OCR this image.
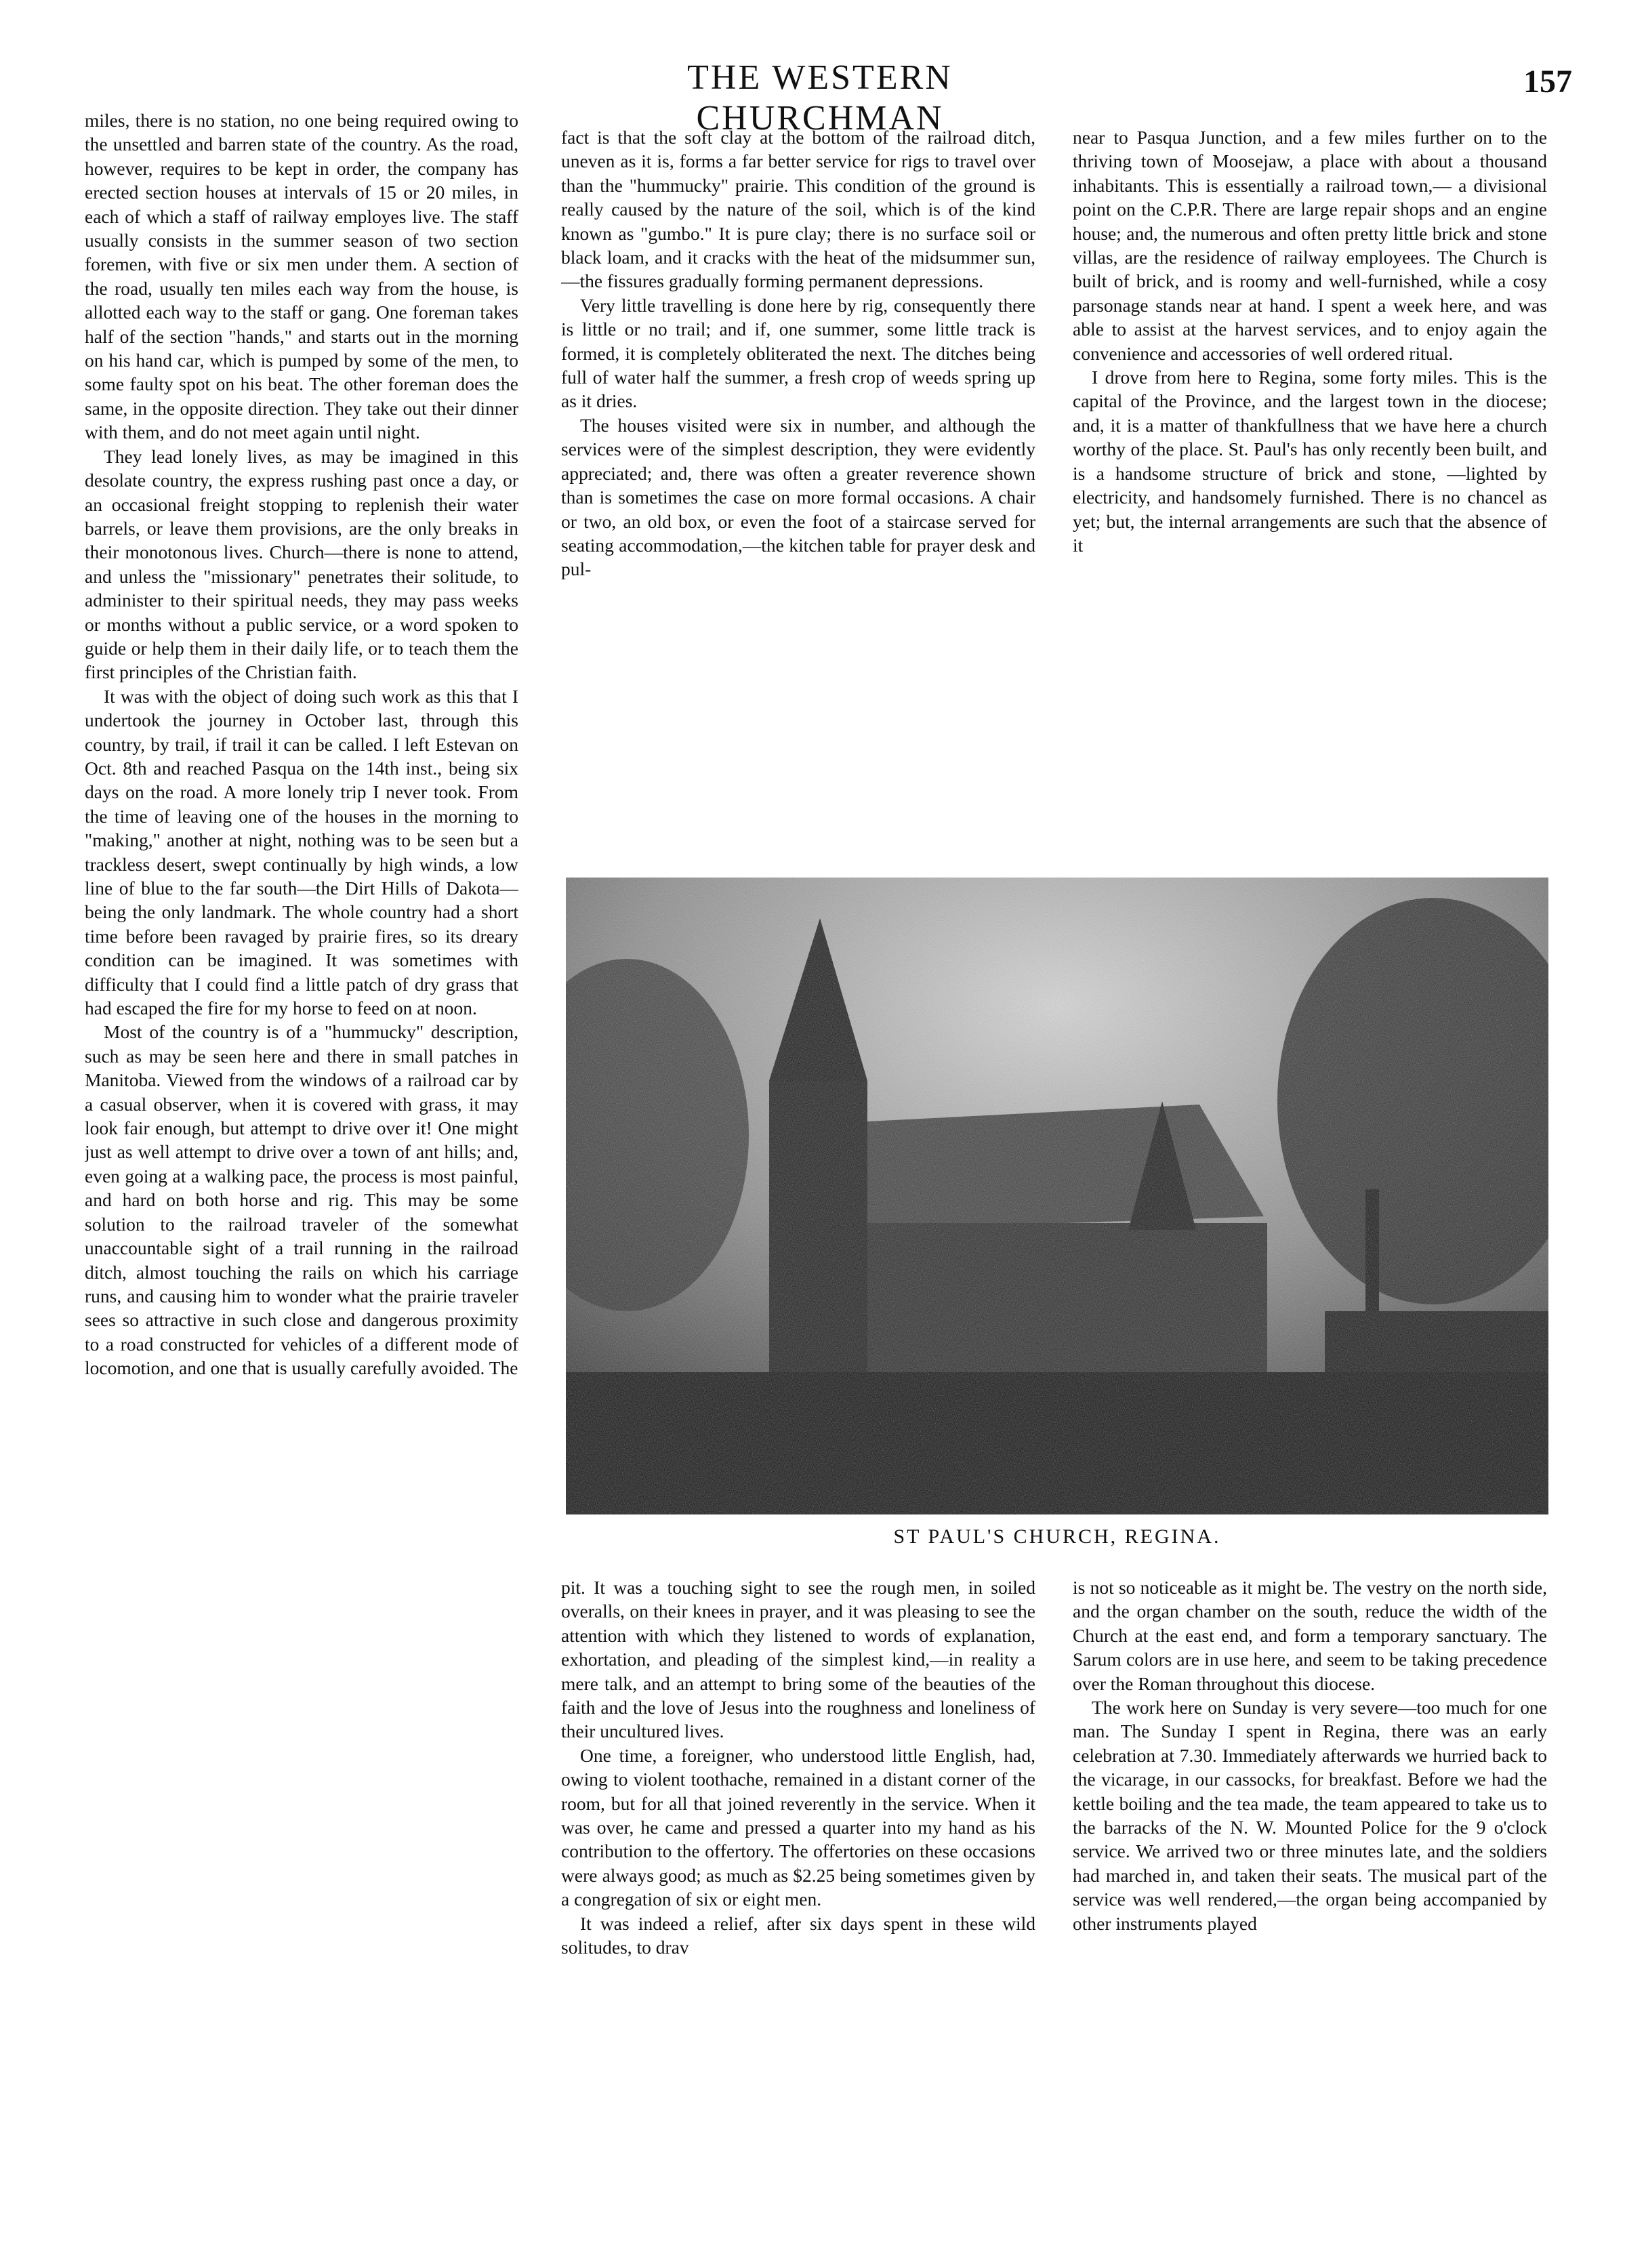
THE WESTERN CHURCHMAN
157

miles, there is no station, no one being required owing to the unsettled and barren state of the country. As the road, however, requires to be kept in order, the company has erected section houses at intervals of 15 or 20 miles, in each of which a staff of railway employes live. The staff usually consists in the summer season of two section foremen, with five or six men under them. A section of the road, usually ten miles each way from the house, is allotted each way to the staff or gang. One foreman takes half of the section "hands," and starts out in the morning on his hand car, which is pumped by some of the men, to some faulty spot on his beat. The other foreman does the same, in the opposite direction. They take out their dinner with them, and do not meet again until night.

They lead lonely lives, as may be imagined in this desolate country, the express rushing past once a day, or an occasional freight stopping to replenish their water barrels, or leave them provisions, are the only breaks in their monotonous lives. Church—there is none to attend, and unless the "missionary" penetrates their solitude, to administer to their spiritual needs, they may pass weeks or months without a public service, or a word spoken to guide or help them in their daily life, or to teach them the first principles of the Christian faith.

It was with the object of doing such work as this that I undertook the journey in October last, through this country, by trail, if trail it can be called. I left Estevan on Oct. 8th and reached Pasqua on the 14th inst., being six days on the road. A more lonely trip I never took. From the time of leaving one of the houses in the morning to "making," another at night, nothing was to be seen but a trackless desert, swept continually by high winds, a low line of blue to the far south—the Dirt Hills of Dakota—being the only landmark. The whole country had a short time before been ravaged by prairie fires, so its dreary condition can be imagined. It was sometimes with difficulty that I could find a little patch of dry grass that had escaped the fire for my horse to feed on at noon.

Most of the country is of a "hummucky" description, such as may be seen here and there in small patches in Manitoba. Viewed from the windows of a railroad car by a casual observer, when it is covered with grass, it may look fair enough, but attempt to drive over it! One might just as well attempt to drive over a town of ant hills; and, even going at a walking pace, the process is most painful, and hard on both horse and rig. This may be some solution to the railroad traveler of the somewhat unaccountable sight of a trail running in the railroad ditch, almost touching the rails on which his carriage runs, and causing him to wonder what the prairie traveler sees so attractive in such close and dangerous proximity to a road constructed for vehicles of a different mode of locomotion, and one that is usually carefully avoided. The

fact is that the soft clay at the bottom of the railroad ditch, uneven as it is, forms a far better service for rigs to travel over than the "hummucky" prairie. This condition of the ground is really caused by the nature of the soil, which is of the kind known as "gumbo." It is pure clay; there is no surface soil or black loam, and it cracks with the heat of the midsummer sun,—the fissures gradually forming permanent depressions.

Very little travelling is done here by rig, consequently there is little or no trail; and if, one summer, some little track is formed, it is completely obliterated the next. The ditches being full of water half the summer, a fresh crop of weeds spring up as it dries.

The houses visited were six in number, and although the services were of the simplest description, they were evidently appreciated; and, there was often a greater reverence shown than is sometimes the case on more formal occasions. A chair or two, an old box, or even the foot of a staircase served for seating accommodation,—the kitchen table for prayer desk and pul-

near to Pasqua Junction, and a few miles further on to the thriving town of Moosejaw, a place with about a thousand inhabitants. This is essentially a railroad town,— a divisional point on the C.P.R. There are large repair shops and an engine house; and, the numerous and often pretty little brick and stone villas, are the residence of railway employees. The Church is built of brick, and is roomy and well-furnished, while a cosy parsonage stands near at hand. I spent a week here, and was able to assist at the harvest services, and to enjoy again the convenience and accessories of well ordered ritual.

I drove from here to Regina, some forty miles. This is the capital of the Province, and the largest town in the diocese; and, it is a matter of thankfullness that we have here a church worthy of the place. St. Paul's has only recently been built, and is a handsome structure of brick and stone, —lighted by electricity, and handsomely furnished. There is no chancel as yet; but, the internal arrangements are such that the absence of it

ST PAUL'S CHURCH, REGINA.

pit. It was a touching sight to see the rough men, in soiled overalls, on their knees in prayer, and it was pleasing to see the attention with which they listened to words of explanation, exhortation, and pleading of the simplest kind,—in reality a mere talk, and an attempt to bring some of the beauties of the faith and the love of Jesus into the roughness and loneliness of their uncultured lives.

One time, a foreigner, who understood little English, had, owing to violent toothache, remained in a distant corner of the room, but for all that joined reverently in the service. When it was over, he came and pressed a quarter into my hand as his contribution to the offertory. The offertories on these occasions were always good; as much as $2.25 being sometimes given by a congregation of six or eight men.

It was indeed a relief, after six days spent in these wild solitudes, to drav

is not so noticeable as it might be. The vestry on the north side, and the organ chamber on the south, reduce the width of the Church at the east end, and form a temporary sanctuary. The Sarum colors are in use here, and seem to be taking precedence over the Roman throughout this diocese.

The work here on Sunday is very severe—too much for one man. The Sunday I spent in Regina, there was an early celebration at 7.30. Immediately afterwards we hurried back to the vicarage, in our cassocks, for breakfast. Before we had the kettle boiling and the tea made, the team appeared to take us to the barracks of the N. W. Mounted Police for the 9 o'clock service. We arrived two or three minutes late, and the soldiers had marched in, and taken their seats. The musical part of the service was well rendered,—the organ being accompanied by other instruments played
